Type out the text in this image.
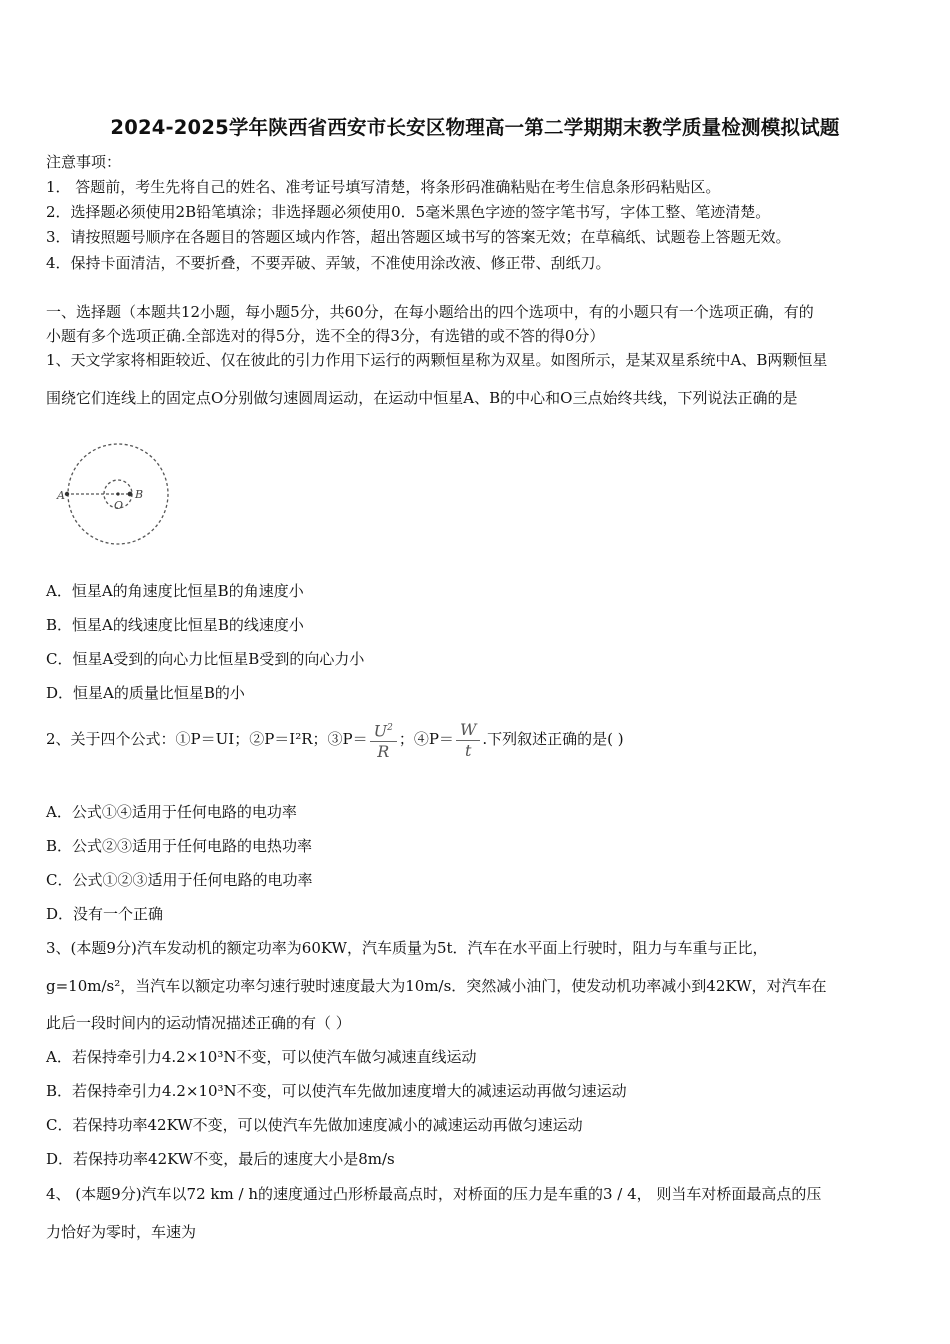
2024-2025学年陕西省西安市长安区物理高一第二学期期末教学质量检测模拟试题
注意事项：
1． 答题前，考生先将自己的姓名、准考证号填写清楚，将条形码准确粘贴在考生信息条形码粘贴区。
2．选择题必须使用2B铅笔填涂；非选择题必须使用0．5毫米黑色字迹的签字笔书写，字体工整、笔迹清楚。
3．请按照题号顺序在各题目的答题区域内作答，超出答题区域书写的答案无效；在草稿纸、试题卷上答题无效。
4．保持卡面清洁，不要折叠，不要弄破、弄皱，不准使用涂改液、修正带、刮纸刀。
一、选择题（本题共12小题，每小题5分，共60分，在每小题给出的四个选项中，有的小题只有一个选项正确，有的
小题有多个选项正确.全部选对的得5分，选不全的得3分，有选错的或不答的得0分）
1、天文学家将相距较近、仅在彼此的引力作用下运行的两颗恒星称为双星。如图所示，是某双星系统中A、B两颗恒星
围绕它们连线上的固定点O分别做匀速圆周运动，在运动中恒星A、B的中心和O三点始终共线，下列说法正确的是
A	B
O
A．恒星A的角速度比恒星B的角速度小
B．恒星A的线速度比恒星B的线速度小
C．恒星A受到的向心力比恒星B受到的向心力小
D．恒星A的质量比恒星B的小
2、关于四个公式：①P＝UI；②P＝I²R；③P＝ $\frac{U^2}{R}$ ；④P＝ $\frac{W}{t}$ .下列叙述正确的是( )
A．公式①④适用于任何电路的电功率
B．公式②③适用于任何电路的电热功率
C．公式①②③适用于任何电路的电功率
D．没有一个正确
3、(本题9分)汽车发动机的额定功率为60KW，汽车质量为5t．汽车在水平面上行驶时，阻力与车重与正比，
g=10m/s²，当汽车以额定功率匀速行驶时速度最大为10m/s．突然减小油门，使发动机功率减小到42KW，对汽车在
此后一段时间内的运动情况描述正确的有（ ）
A．若保持牵引力4.2×10³N不变，可以使汽车做匀减速直线运动
B．若保持牵引力4.2×10³N不变，可以使汽车先做加速度增大的减速运动再做匀速运动
C．若保持功率42KW不变，可以使汽车先做加速度减小的减速运动再做匀速运动
D．若保持功率42KW不变，最后的速度大小是8m/s
4、 (本题9分)汽车以72 km / h的速度通过凸形桥最高点时，对桥面的压力是车重的3 / 4， 则当车对桥面最高点的压
力恰好为零时，车速为
